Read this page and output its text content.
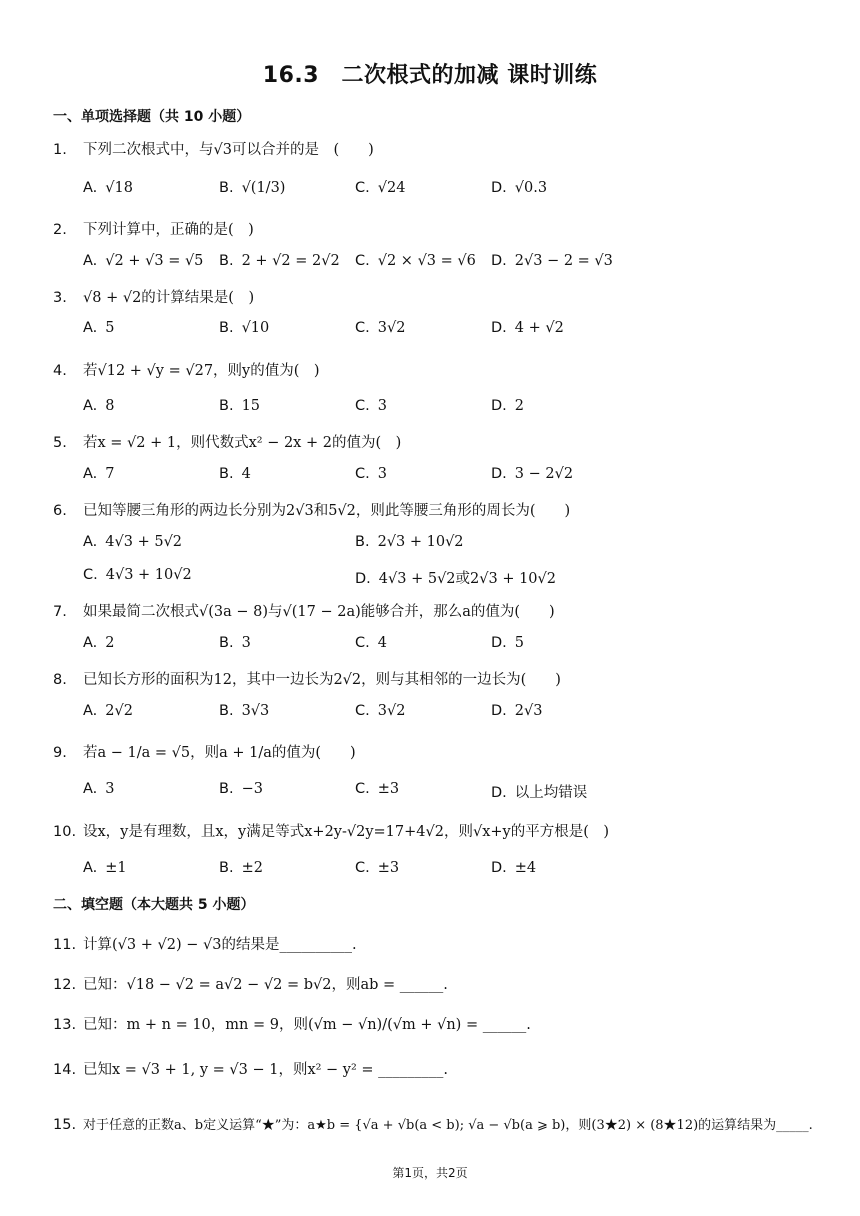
16.3　二次根式的加减 课时训练
一、单项选择题（共 10 小题）
1. 下列二次根式中，与√3可以合并的是　(　　)
A. √18	B. √(1/3)	C. √24	D. √0.3
2. 下列计算中，正确的是(　)
A. √2 + √3 = √5 B. 2 + √2 = 2√2 C. √2 × √3 = √6 D. 2√3 − 2 = √3
3. √8 + √2的计算结果是(　)
A. 5	B. √10	C. 3√2	D. 4 + √2
4. 若√12 + √y = √27，则y的值为(　)
A. 8	B. 15	C. 3	D. 2
5. 若x = √2 + 1，则代数式x² − 2x + 2的值为(　)
A. 7	B. 4	C. 3	D. 3 − 2√2
6. 已知等腰三角形的两边长分别为2√3和5√2，则此等腰三角形的周长为(　　)
A. 4√3 + 5√2	B. 2√3 + 10√2
C. 4√3 + 10√2	D. 4√3 + 5√2或2√3 + 10√2
7. 如果最简二次根式√(3a − 8)与√(17 − 2a)能够合并，那么a的值为(　　)
A. 2	B. 3	C. 4	D. 5
8. 已知长方形的面积为12，其中一边长为2√2，则与其相邻的一边长为(　　)
A. 2√2	B. 3√3	C. 3√2	D. 2√3
9. 若a − 1/a = √5，则a + 1/a的值为(　　)
A. 3	B. −3	C. ±3	D. 以上均错误
10. 设x，y是有理数，且x，y满足等式x+2y-√2y=17+4√2，则√x+y的平方根是(　)
A. ±1	B. ±2	C. ±3	D. ±4
二、填空题（本大题共 5 小题）
11. 计算(√3 + √2) − √3的结果是__________.
12. 已知：√18 − √2 = a√2 − √2 = b√2，则ab = ______.
13. 已知：m + n = 10，mn = 9，则(√m − √n)/(√m + √n) = ______.
14. 已知x = √3 + 1, y = √3 − 1，则x² − y² = _________.
15. 对于任意的正数a、b定义运算“★”为：a★b = {√a + √b(a < b); √a − √b(a ⩾ b)，则(3★2) × (8★12)的运算结果为_____.
第1页，共2页
